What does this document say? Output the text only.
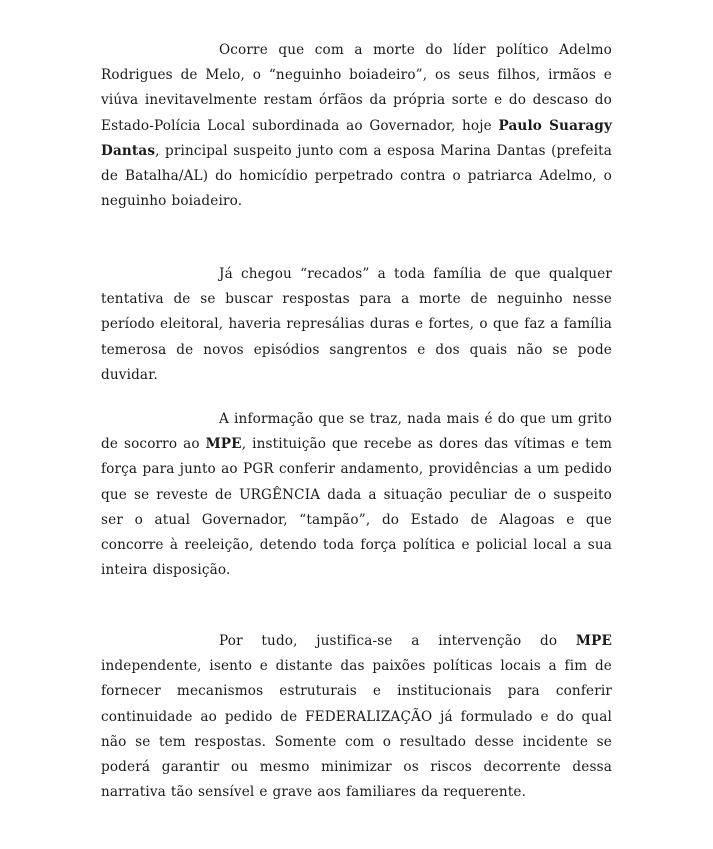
Ocorre que com a morte do líder político Adelmo Rodrigues de Melo, o “neguinho boiadeiro”, os seus filhos, irmãos e viúva inevitavelmente restam órfãos da própria sorte e do descaso do Estado-Polícia Local subordinada ao Governador, hoje Paulo Suaragy Dantas, principal suspeito junto com a esposa Marina Dantas (prefeita de Batalha/AL) do homicídio perpetrado contra o patriarca Adelmo, o neguinho boiadeiro.

Já chegou “recados” a toda família de que qualquer tentativa de se buscar respostas para a morte de neguinho nesse período eleitoral, haveria represálias duras e fortes, o que faz a família temerosa de novos episódios sangrentos e dos quais não se pode duvidar.

A informação que se traz, nada mais é do que um grito de socorro ao MPE, instituição que recebe as dores das vítimas e tem força para junto ao PGR conferir andamento, providências a um pedido que se reveste de URGÊNCIA dada a situação peculiar de o suspeito ser o atual Governador, “tampão”, do Estado de Alagoas e que concorre à reeleição, detendo toda força política e policial local a sua inteira disposição.

Por tudo, justifica-se a intervenção do MPE independente, isento e distante das paixões políticas locais a fim de fornecer mecanismos estruturais e institucionais para conferir continuidade ao pedido de FEDERALIZAÇÃO já formulado e do qual não se tem respostas. Somente com o resultado desse incidente se poderá garantir ou mesmo minimizar os riscos decorrente dessa narrativa tão sensível e grave aos familiares da requerente.
